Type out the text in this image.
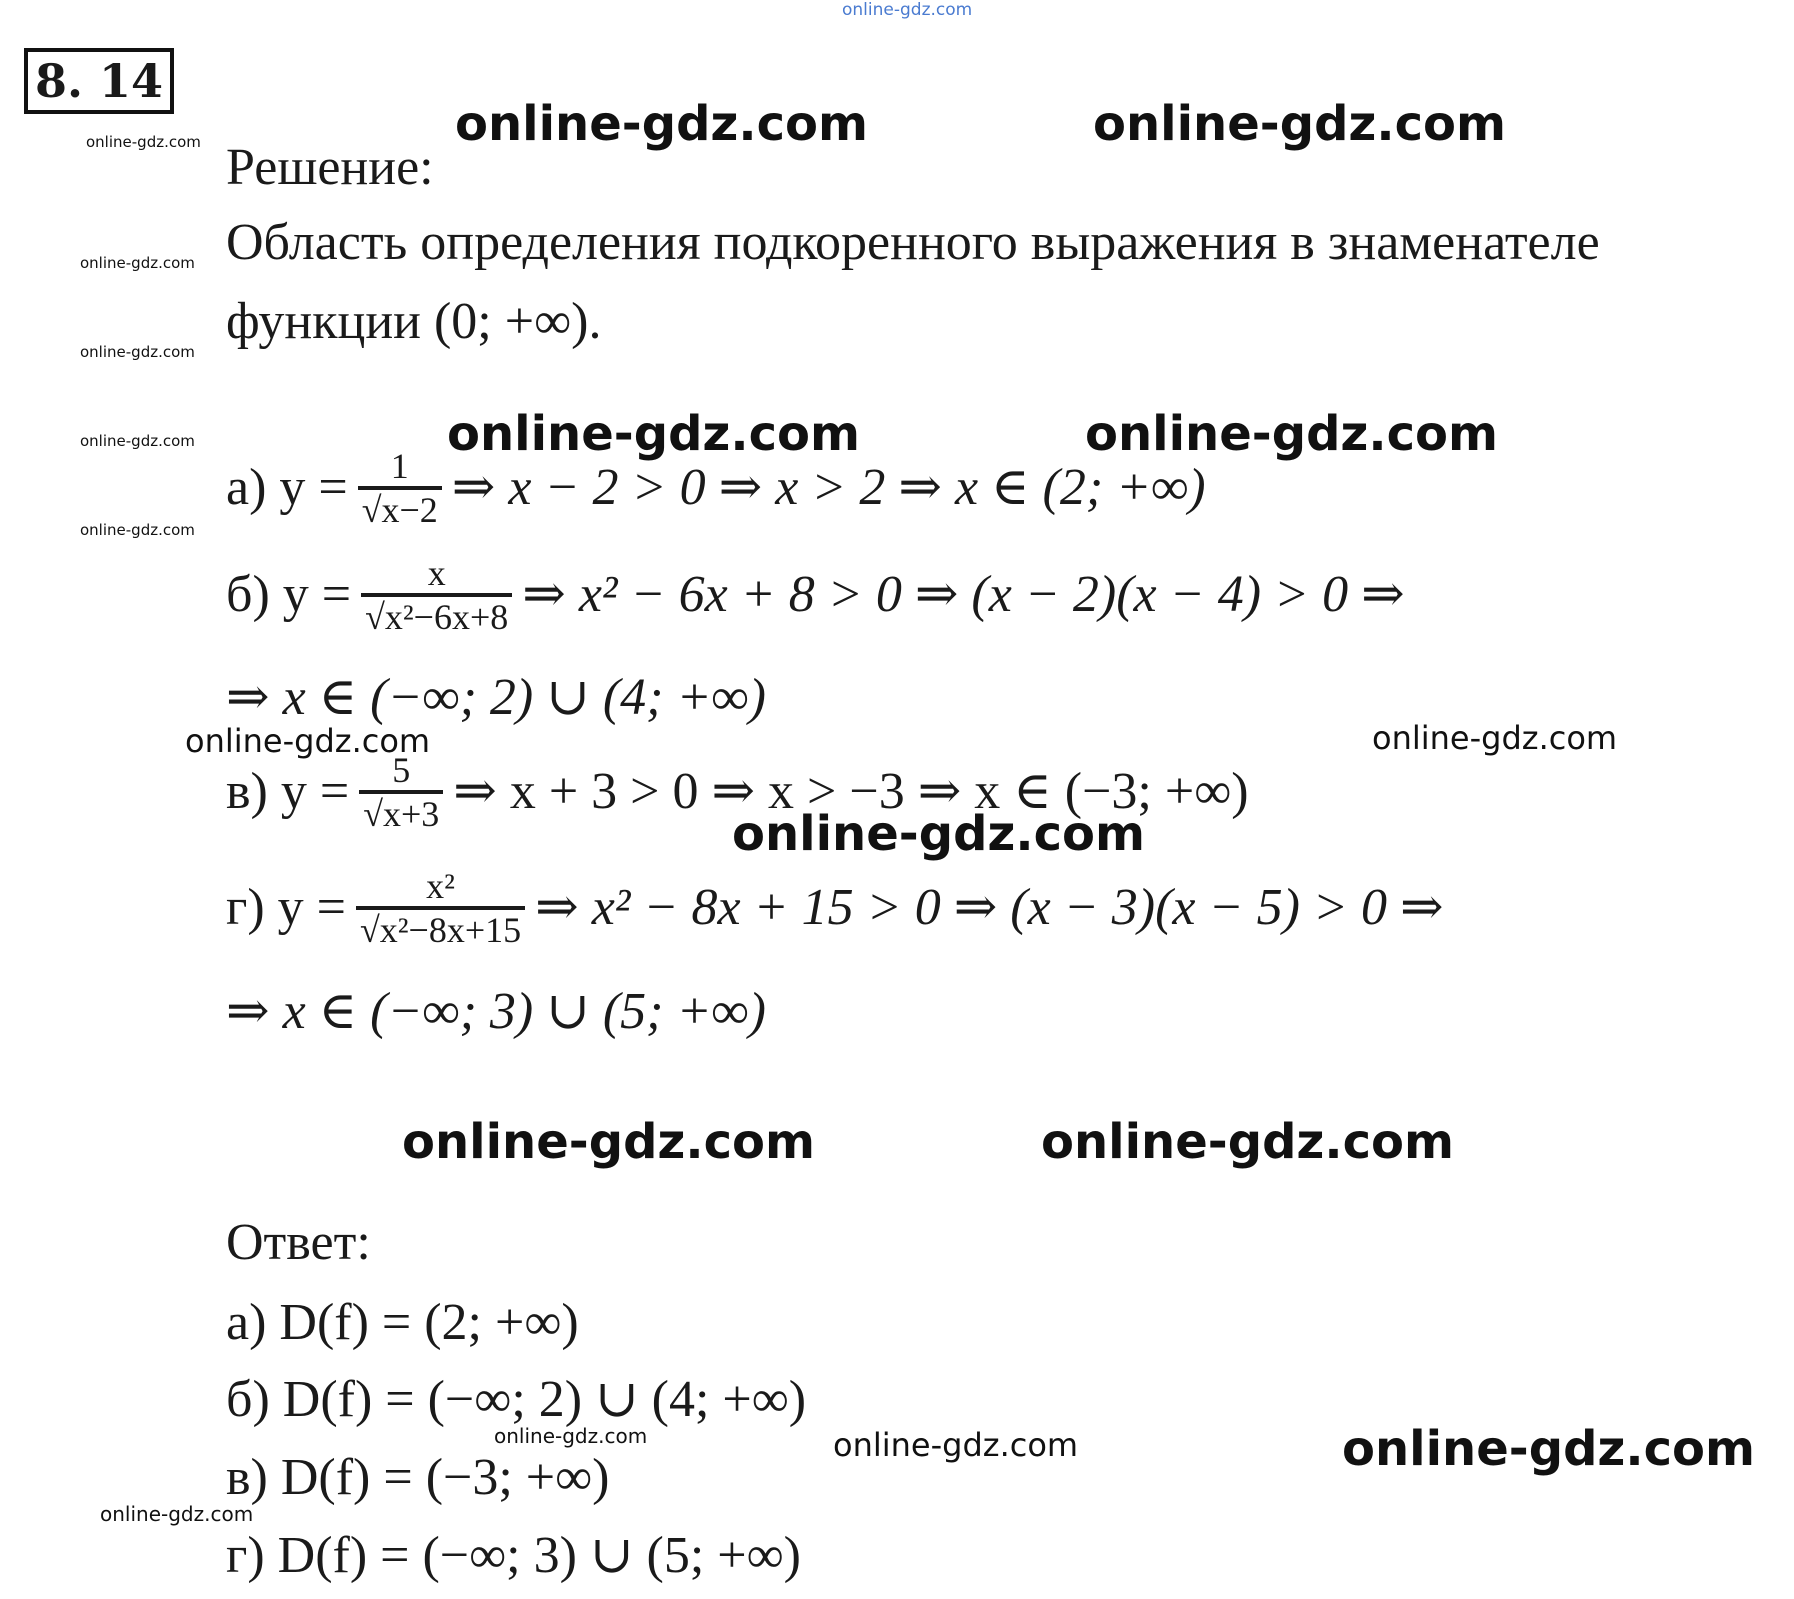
online-gdz.com
8. 14
Решение:
Область определения подкоренного выражения в знаменателе
функции (0; +∞).
а) $y = \frac{1}{√x-2}$ ⇒ x − 2 > 0 ⇒ x > 2 ⇒ x ∈ (2; +∞)
б) $y = \frac{x}{\text{√x²−6x+8}}$ ⇒ x² − 6x + 8 > 0 ⇒ (x − 2)(x − 4) > 0 ⇒
⇒ x ∈ (−∞; 2) ∪ (4; +∞)
в) $y = \frac{5}{√x+3}$ ⇒ x + 3 > 0 ⇒ x > −3 ⇒ x ∈ (−3; +∞)
г) $y = \frac{\text{x²}}{\text{√x²−8x+15}}$ ⇒ x² − 8x + 15 > 0 ⇒ (x − 3)(x − 5) > 0 ⇒
⇒ x ∈ (−∞; 3) ∪ (5; +∞)
Ответ:
а) D(f) = (2; +∞)
б) D(f) = (−∞; 2) ∪ (4; +∞)
в) D(f) = (−3; +∞)
г) D(f) = (−∞; 3) ∪ (5; +∞)
online-gdz.com	online-gdz.com
online-gdz.com
online-gdz.com
online-gdz.com
online-gdz.com
online-gdz.com
online-gdz.com	online-gdz.com
online-gdz.com	online-gdz.com
online-gdz.com
online-gdz.com	online-gdz.com
online-gdz.com	online-gdz.com	online-gdz.com
online-gdz.com
